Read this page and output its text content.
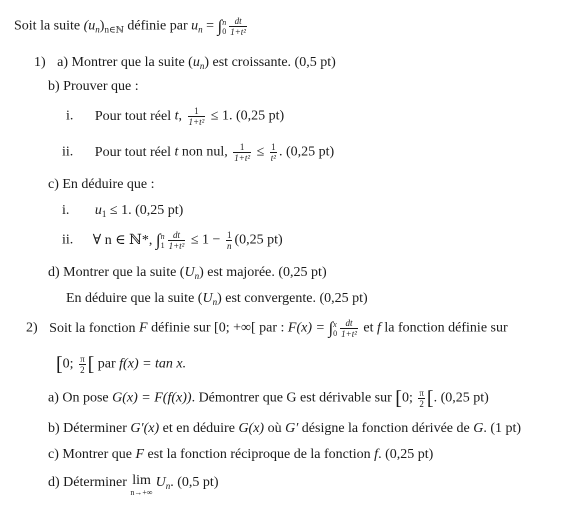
Soit la suite $(u_n)_{n\in ℕ}$ définie par $u_n$ = ∫ n
$0 \frac{dt}{\text{1+t²}}$
1) a) Montrer que la suite $(u_n)$ est croissante. (0,5 pt)
b) Prouver que :
i. Pour tout réel t, $\frac{1}{\text{1+t²}} \le 1$. (0,25 pt)
ii. Pour tout réel t non nul, $\frac{1}{\text{1+t²}} \le \frac{1}{\text{t²}}$ . (0,25 pt)
c) En déduire que :
i. $u_1 \le 1$. (0,25 pt)
ii. ∀ n ∈ ℕ*, ∫ n
$1 \frac{dt}{\text{1+t²}} \le 1 - \frac{1}{n} (0,25$ pt)
d) Montrer que la suite $(U_n)$ est majorée. (0,25 pt)
En déduire que la suite $(U_n)$ est convergente. (0,25 pt)
2) Soit la fonction F définie sur [0; +∞[ par : F(x) = ∫ x
$0 \frac{dt}{\text{1+t²}}$ et f la fonction définie sur
[0; $\frac{\pi}{2}$ [ par f(x) = tan x.
a) On pose G(x) = F(f(x)). Démontrer que G est dérivable sur [0; $\frac{\pi}{2}$ [. (0,25 pt)
b) Déterminer G′(x) et en déduire G(x) où G′ désigne la fonction dérivée de G. (1 pt)
c) Montrer que F est la fonction réciproque de la fonction f. (0,25 pt)
d) Déterminer lim
n→+∞
$U_n$. (0,5 pt)
